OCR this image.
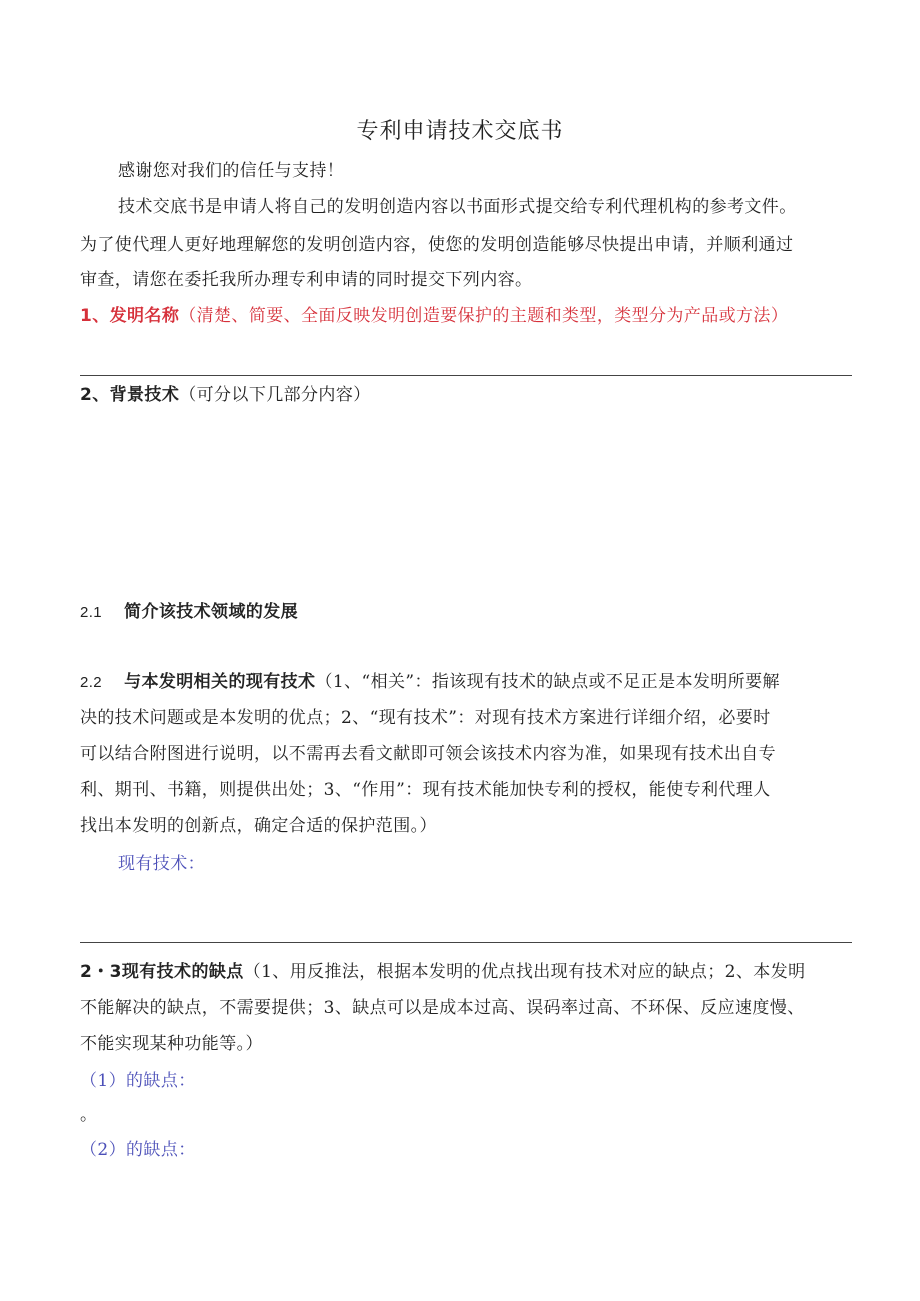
专利申请技术交底书
感谢您对我们的信任与支持！
技术交底书是申请人将自己的发明创造内容以书面形式提交给专利代理机构的参考文件。
为了使代理人更好地理解您的发明创造内容，使您的发明创造能够尽快提出申请，并顺利通过
审查，请您在委托我所办理专利申请的同时提交下列内容。
1、发明名称（清楚、简要、全面反映发明创造要保护的主题和类型，类型分为产品或方法）
2、背景技术（可分以下几部分内容）
2.1 简介该技术领域的发展
2.2 与本发明相关的现有技术（1、“相关”：指该现有技术的缺点或不足正是本发明所要解
决的技术问题或是本发明的优点；2、“现有技术”：对现有技术方案进行详细介绍，必要时
可以结合附图进行说明，以不需再去看文献即可领会该技术内容为准，如果现有技术出自专
利、期刊、书籍，则提供出处；3、“作用”：现有技术能加快专利的授权，能使专利代理人
找出本发明的创新点，确定合适的保护范围。）
现有技术：
2・3现有技术的缺点（1、用反推法，根据本发明的优点找出现有技术对应的缺点；2、本发明
不能解决的缺点，不需要提供；3、缺点可以是成本过高、误码率过高、不环保、反应速度慢、
不能实现某种功能等。）
（1）的缺点：
。
（2）的缺点：
